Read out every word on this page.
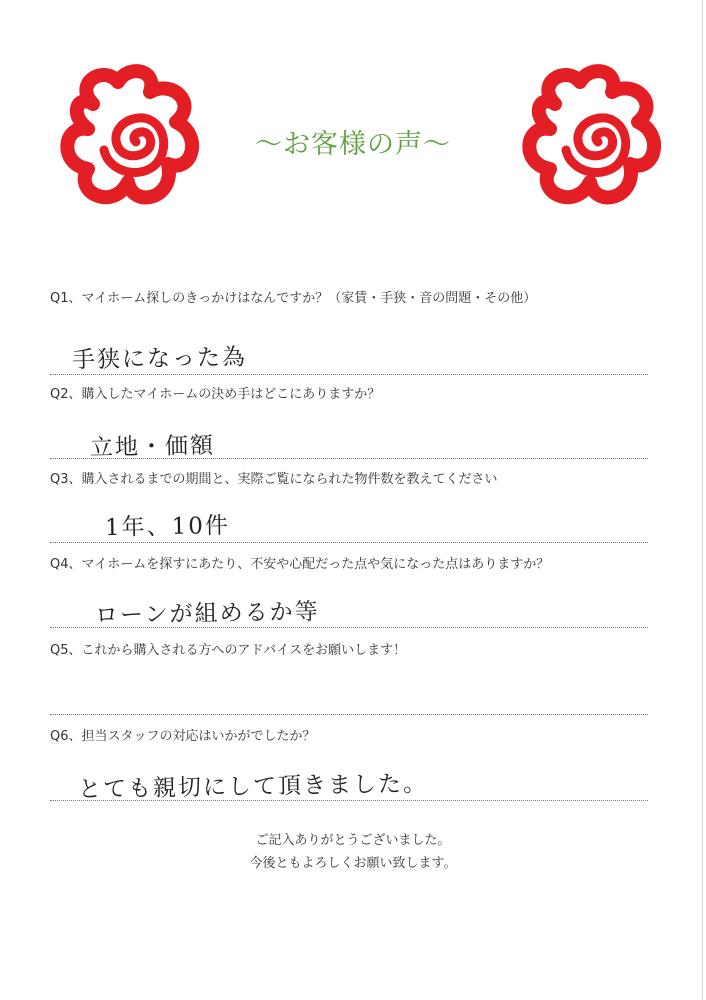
〜お客様の声〜
Q1、マイホーム探しのきっかけはなんですか？（家賃・手狭・音の問題・その他）
手狭になった為
Q2、購入したマイホームの決め手はどこにありますか？
立地・価額
Q3、購入されるまでの期間と、実際ご覧になられた物件数を教えてください
1年、10件
Q4、マイホームを探すにあたり、不安や心配だった点や気になった点はありますか？
ローンが組めるか等
Q5、これから購入される方へのアドバイスをお願いします！
Q6、担当スタッフの対応はいかがでしたか？
とても親切にして頂きました。
ご記入ありがとうございました。
今後ともよろしくお願い致します。
